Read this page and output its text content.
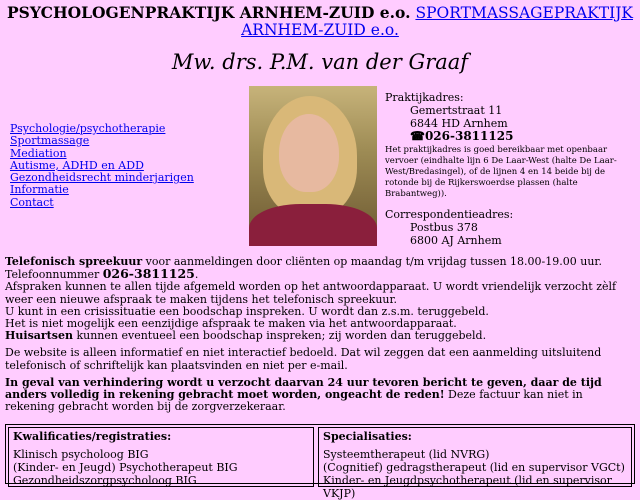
PSYCHOLOGENPRAKTIJK ARNHEM-ZUID e.o. SPORTMASSAGEPRAKTIJK ARNHEM-ZUID e.o.
Mw. drs. P.M. van der Graaf
Psychologie/psychotherapie
Sportmassage
Mediation
Autisme, ADHD en ADD
Gezondheidsrecht minderjarigen
Informatie
Contact
Praktijkadres:
Gemertstraat 11
6844 HD Arnhem
☎026-3811125
Het praktijkadres is goed bereikbaar met openbaar vervoer (eindhalte lijn 6 De Laar-West (halte De Laar-West/Bredasingel), of de lijnen 4 en 14 beide bij de rotonde bij de Rijkerswoerdse plassen (halte Brabantweg)).
Correspondentieadres:
Postbus 378
6800 AJ Arnhem

Telefonisch spreekuur voor aanmeldingen door cliënten op maandag t/m vrijdag tussen 18.00-19.00 uur. Telefoonnummer 026-3811125.
Afspraken kunnen te allen tijde afgemeld worden op het antwoordapparaat. U wordt vriendelijk verzocht zèlf weer een nieuwe afspraak te maken tijdens het telefonisch spreekuur.
U kunt in een crisissituatie een boodschap inspreken. U wordt dan z.s.m. teruggebeld.
Het is niet mogelijk een eenzijdige afspraak te maken via het antwoordapparaat.
Huisartsen kunnen eventueel een boodschap inspreken; zij worden dan teruggebeld.

De website is alleen informatief en niet interactief bedoeld. Dat wil zeggen dat een aanmelding uitsluitend telefonisch of schriftelijk kan plaatsvinden en niet per e-mail.

In geval van verhindering wordt u verzocht daarvan 24 uur tevoren bericht te geven, daar de tijd anders volledig in rekening gebracht moet worden, ongeacht de reden! Deze factuur kan niet in rekening gebracht worden bij de zorgverzekeraar.

Kwalificaties/registraties:
Klinisch psycholoog BIG
(Kinder- en Jeugd) Psychotherapeut BIG
Gezondheidszorgpsycholoog BIG
Specialisaties:
Systeemtherapeut (lid NVRG)
(Cognitief) gedragstherapeut (lid en supervisor VGCt)
Kinder- en Jeugdpsychotherapeut (lid en supervisor VKJP)
